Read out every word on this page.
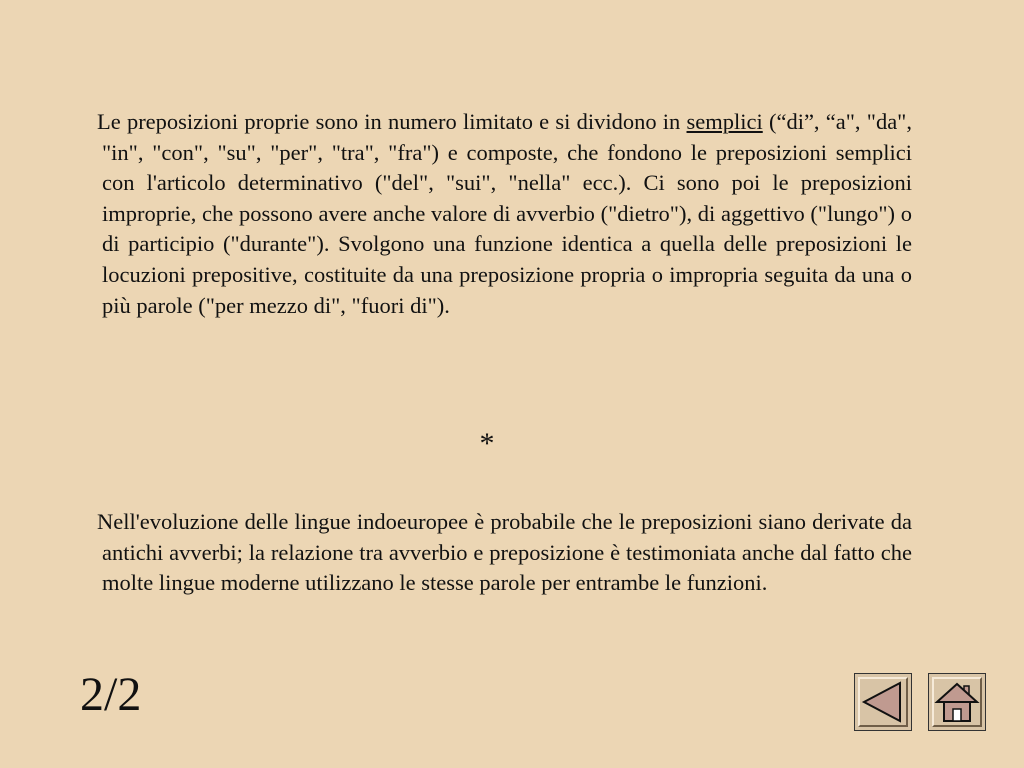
Le preposizioni proprie sono in numero limitato e si dividono in semplici (“di”, “a", "da", "in", "con", "su", "per", "tra", "fra") e composte, che fondono le preposizioni semplici con l'articolo determinativo ("del", "sui", "nella" ecc.). Ci sono poi le preposizioni improprie, che possono avere anche valore di avverbio ("dietro"), di aggettivo ("lungo") o di participio ("durante"). Svolgono una funzione identica a quella delle preposizioni le locuzioni prepositive, costituite da una preposizione propria o impropria seguita da una o più parole ("per mezzo di", "fuori di").

*

Nell'evoluzione delle lingue indoeuropee è probabile che le preposizioni siano derivate da antichi avverbi; la relazione tra avverbio e preposizione è testimoniata anche dal fatto che molte lingue moderne utilizzano le stesse parole per entrambe le funzioni.

2/2
